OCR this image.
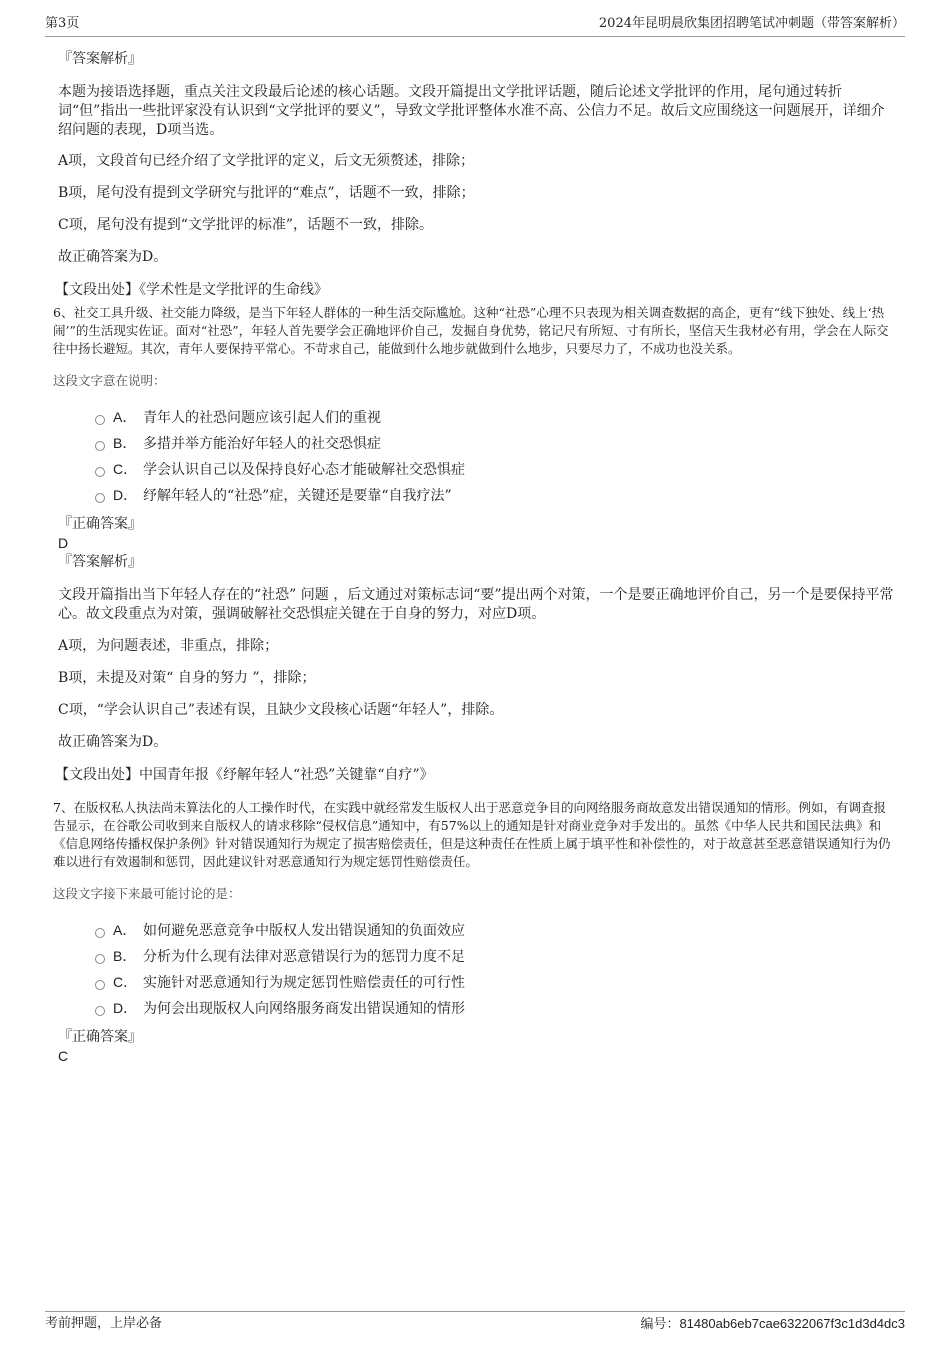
第3页	2024年昆明晨欣集团招聘笔试冲刺题（带答案解析）

『答案解析』

本题为接语选择题，重点关注文段最后论述的核心话题。文段开篇提出文学批评话题，随后论述文学批评的作用，尾句通过转折词“但”指出一些批评家没有认识到“文学批评的要义”，导致文学批评整体水准不高、公信力不足。故后文应围绕这一问题展开，详细介绍问题的表现，D项当选。

A项，文段首句已经介绍了文学批评的定义，后文无须赘述，排除；

B项，尾句没有提到文学研究与批评的“难点”，话题不一致，排除；

C项，尾句没有提到“文学批评的标准”，话题不一致，排除。

故正确答案为D。

【文段出处】《学术性是文学批评的生命线》

6、社交工具升级、社交能力降级，是当下年轻人群体的一种生活交际尴尬。这种“社恐”心理不只表现为相关调查数据的高企，更有“线下独处、线上‘热闹’”的生活现实佐证。面对“社恐”，年轻人首先要学会正确地评价自己，发掘自身优势，铭记尺有所短、寸有所长，坚信天生我材必有用，学会在人际交往中扬长避短。其次，青年人要保持平常心。不苛求自己，能做到什么地步就做到什么地步，只要尽力了，不成功也没关系。

这段文字意在说明：

A． 青年人的社恐问题应该引起人们的重视
B． 多措并举方能治好年轻人的社交恐惧症
C． 学会认识自己以及保持良好心态才能破解社交恐惧症
D． 纾解年轻人的“社恐”症，关键还是要靠“自我疗法”

『正确答案』

D

『答案解析』

文段开篇指出当下年轻人存在的“社恐” 问题 ，后文通过对策标志词“要”提出两个对策，一个是要正确地评价自己，另一个是要保持平常心。故文段重点为对策，强调破解社交恐惧症关键在于自身的努力，对应D项。

A项，为问题表述，非重点，排除；

B项，未提及对策“ 自身的努力 ”，排除；

C项，“学会认识自己”表述有误，且缺少文段核心话题“年轻人”，排除。

故正确答案为D。

【文段出处】中国青年报《纾解年轻人“社恐”关键靠“自疗”》

7、在版权私人执法尚未算法化的人工操作时代，在实践中就经常发生版权人出于恶意竞争目的向网络服务商故意发出错误通知的情形。例如，有调查报告显示，在谷歌公司收到来自版权人的请求移除“侵权信息”通知中，有57%以上的通知是针对商业竞争对手发出的。虽然《中华人民共和国民法典》和《信息网络传播权保护条例》针对错误通知行为规定了损害赔偿责任，但是这种责任在性质上属于填平性和补偿性的，对于故意甚至恶意错误通知行为仍难以进行有效遏制和惩罚，因此建议针对恶意通知行为规定惩罚性赔偿责任。

这段文字接下来最可能讨论的是：

A． 如何避免恶意竞争中版权人发出错误通知的负面效应
B． 分析为什么现有法律对恶意错误行为的惩罚力度不足
C． 实施针对恶意通知行为规定惩罚性赔偿责任的可行性
D． 为何会出现版权人向网络服务商发出错误通知的情形

『正确答案』

C

考前押题，上岸必备	编号：81480ab6eb7cae6322067f3c1d3d4dc3
